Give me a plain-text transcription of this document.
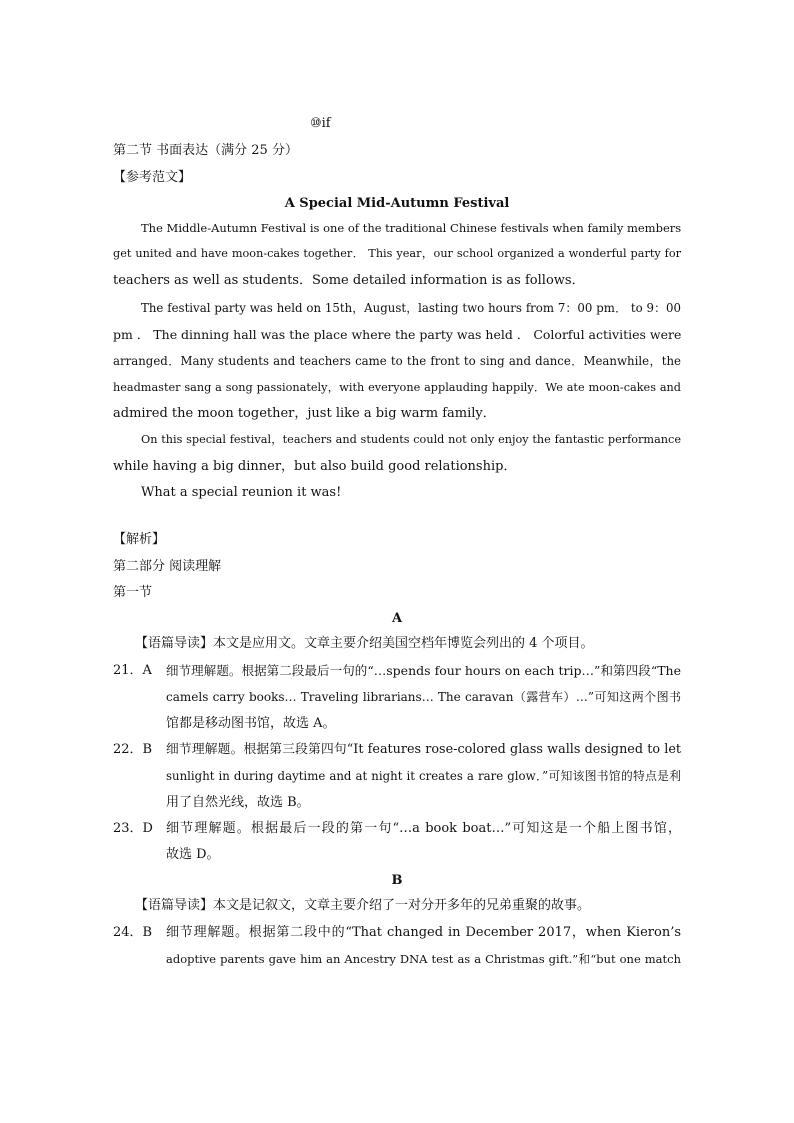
⑩if
第二节 书面表达（满分 25 分）
【参考范文】
A Special Mid-Autumn Festival
The Middle-Autumn Festival is one of the traditional Chinese festivals when family members
get united and have moon-cakes together． This year，our school organized a wonderful party for
teachers as well as students．Some detailed information is as follows．
The festival party was held on 15th，August，lasting two hours from 7：00 pm． to 9：00
pm ． The dinning hall was the place where the party was held ． Colorful activities were
arranged．Many students and teachers came to the front to sing and dance．Meanwhile，the
headmaster sang a song passionately，with everyone applauding happily．We ate moon-cakes and
admired the moon together，just like a big warm family．
On this special festival，teachers and students could not only enjoy the fantastic performance
while having a big dinner，but also build good relationship．
What a special reunion it was!
【解析】
第二部分 阅读理解
第一节
A
【语篇导读】本文是应用文。文章主要介绍美国空档年博览会列出的 4 个项目。
21．A 细节理解题。根据第二段最后一句的“…spends four hours on each trip…”和第四段“The
camels carry books… Traveling librarians… The caravan（露营车）…”可知这两个图书
馆都是移动图书馆，故选 A。
22．B 细节理解题。根据第三段第四句“It features rose-colored glass walls designed to let
sunlight in during daytime and at night it creates a rare glow．”可知该图书馆的特点是利
用了自然光线，故选 B。
23．D 细节理解题。根据最后一段的第一句“…a book boat…”可知这是一个船上图书馆，
故选 D。
B
【语篇导读】本文是记叙文，文章主要介绍了一对分开多年的兄弟重聚的故事。
24．B 细节理解题。根据第二段中的“That changed in December 2017，when Kieron’s
adoptive parents gave him an Ancestry DNA test as a Christmas gift.”和“but one match
